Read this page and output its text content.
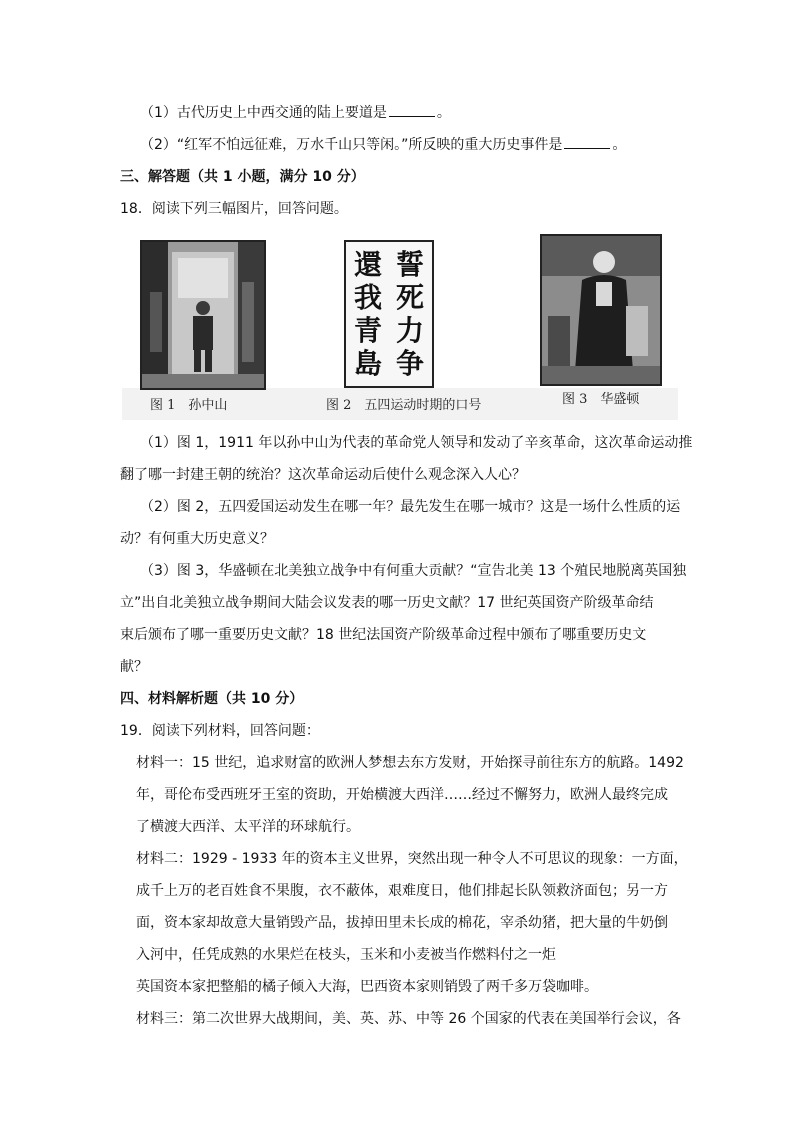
（1）古代历史上中西交通的陆上要道是	。
（2）“红军不怕远征难，万水千山只等闲。”所反映的重大历史事件是	。
三、解答题（共 1 小题，满分 10 分）
18．阅读下列三幅图片，回答问题。
誓死力争
還我青島
图 1　孙中山	图 2　五四运动时期的口号	图 3　华盛顿
（1）图 1，1911 年以孙中山为代表的革命党人领导和发动了辛亥革命，这次革命运动推
翻了哪一封建王朝的统治？这次革命运动后使什么观念深入人心？
（2）图 2，五四爱国运动发生在哪一年？最先发生在哪一城市？这是一场什么性质的运
动？有何重大历史意义？
（3）图 3，华盛顿在北美独立战争中有何重大贡献？“宣告北美 13 个殖民地脱离英国独
立”出自北美独立战争期间大陆会议发表的哪一历史文献？17 世纪英国资产阶级革命结
束后颁布了哪一重要历史文献？18 世纪法国资产阶级革命过程中颁布了哪重要历史文
献？
四、材料解析题（共 10 分）
19．阅读下列材料，回答问题：
材料一：15 世纪，追求财富的欧洲人梦想去东方发财，开始探寻前往东方的航路。1492
年，哥伦布受西班牙王室的资助，开始横渡大西洋……经过不懈努力，欧洲人最终完成
了横渡大西洋、太平洋的环球航行。
材料二：1929 - 1933 年的资本主义世界，突然出现一种令人不可思议的现象：一方面，
成千上万的老百姓食不果腹，衣不蔽体，艰难度日，他们排起长队领救济面包；另一方
面，资本家却故意大量销毁产品，拔掉田里未长成的棉花，宰杀幼猪，把大量的牛奶倒
入河中，任凭成熟的水果烂在枝头，玉米和小麦被当作燃料付之一炬
英国资本家把整船的橘子倾入大海，巴西资本家则销毁了两千多万袋咖啡。
材料三：第二次世界大战期间，美、英、苏、中等 26 个国家的代表在美国举行会议，各
